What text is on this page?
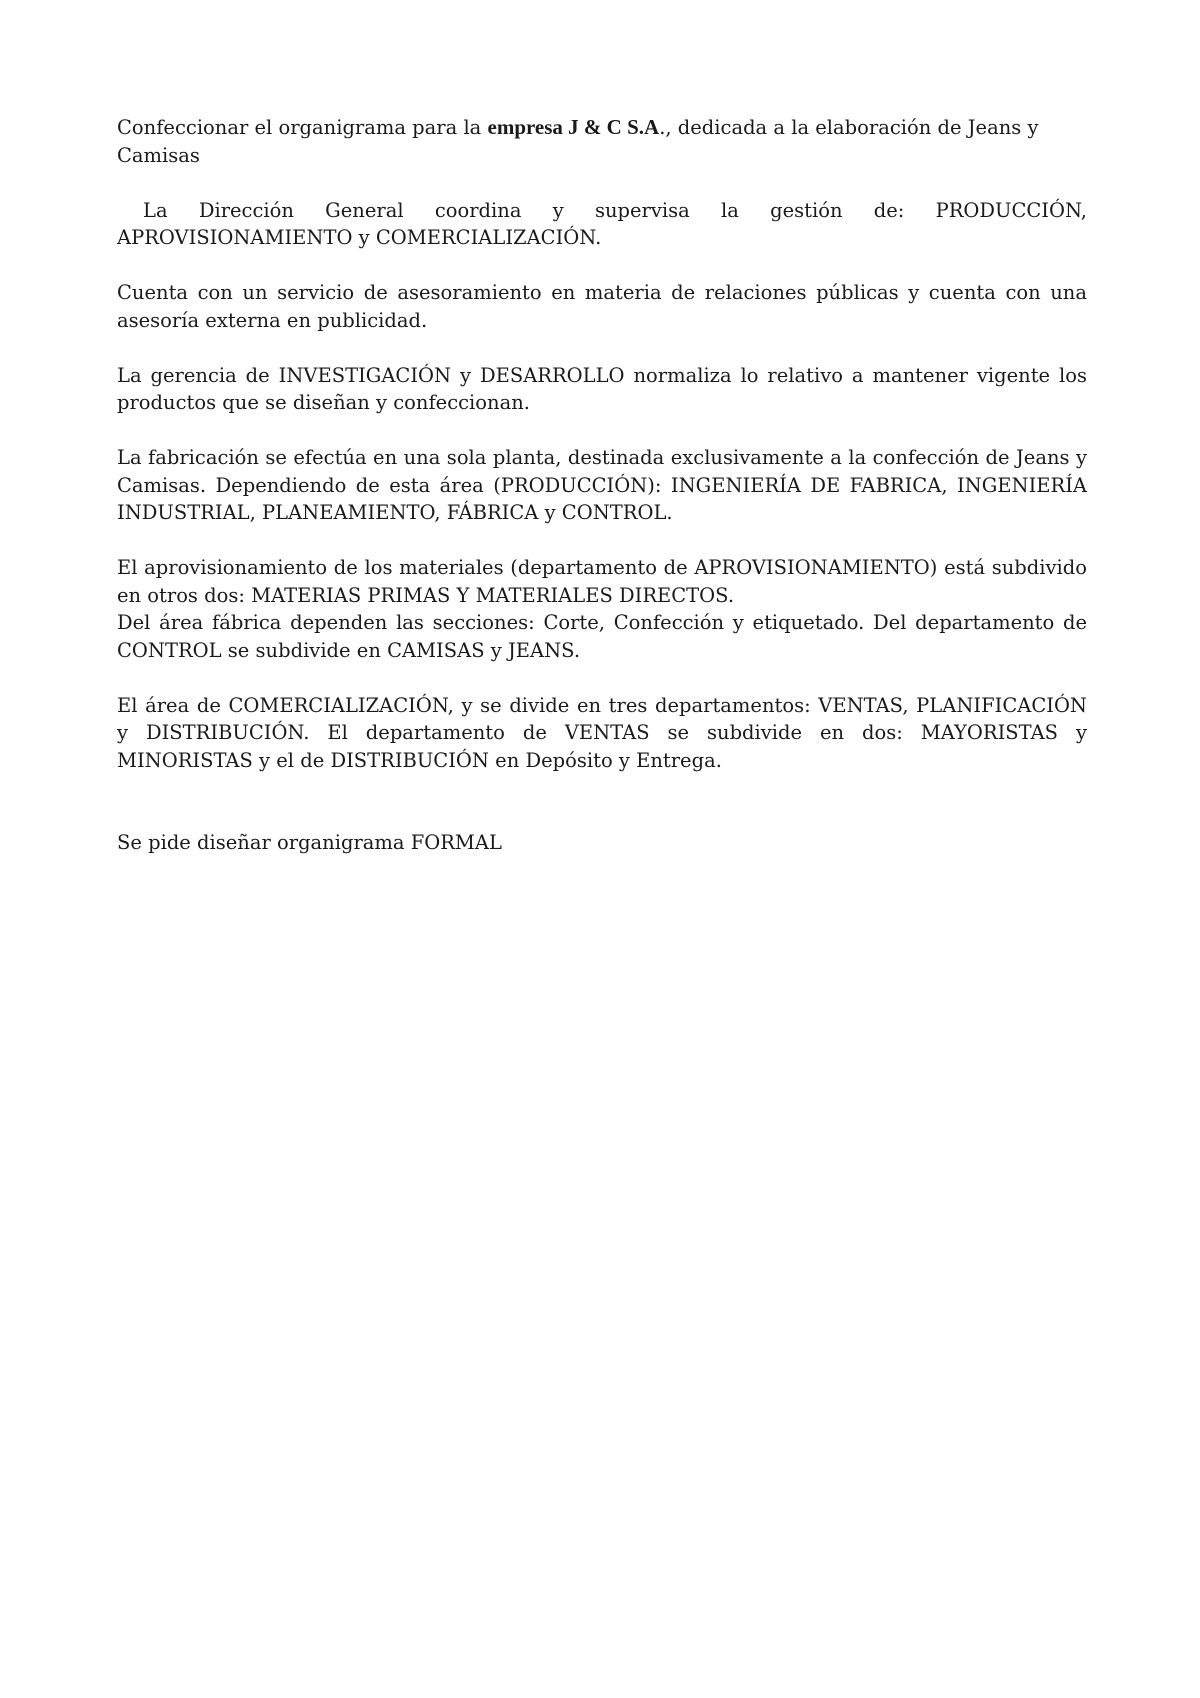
Confeccionar el organigrama para la empresa J & C S.A., dedicada a la elaboración de Jeans y Camisas

La Dirección General coordina y supervisa la gestión de: PRODUCCIÓN, APROVISIONAMIENTO y COMERCIALIZACIÓN.

Cuenta con un servicio de asesoramiento en materia de relaciones públicas y cuenta con una asesoría externa en publicidad.

La gerencia de INVESTIGACIÓN y DESARROLLO normaliza lo relativo a mantener vigente los productos que se diseñan y confeccionan.

La fabricación se efectúa en una sola planta, destinada exclusivamente a la confección de Jeans y Camisas. Dependiendo de esta área (PRODUCCIÓN): INGENIERÍA DE FABRICA, INGENIERÍA INDUSTRIAL, PLANEAMIENTO, FÁBRICA y CONTROL.

El aprovisionamiento de los materiales (departamento de APROVISIONAMIENTO) está subdivido en otros dos: MATERIAS PRIMAS Y MATERIALES DIRECTOS.

Del área fábrica dependen las secciones: Corte, Confección y etiquetado. Del departamento de CONTROL se subdivide en CAMISAS y JEANS.

El área de COMERCIALIZACIÓN, y se divide en tres departamentos: VENTAS, PLANIFICACIÓN y DISTRIBUCIÓN. El departamento de VENTAS se subdivide en dos: MAYORISTAS y MINORISTAS y el de DISTRIBUCIÓN en Depósito y Entrega.

Se pide diseñar organigrama FORMAL
